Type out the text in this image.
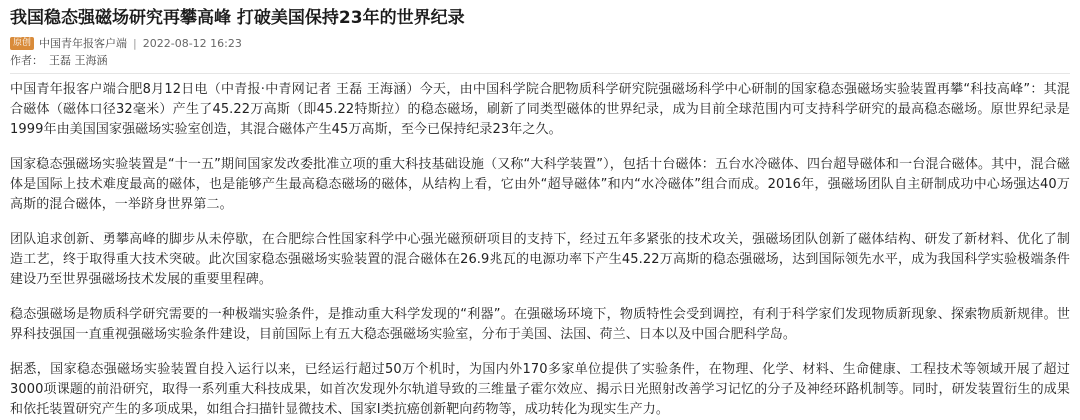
我国稳态强磁场研究再攀高峰 打破美国保持23年的世界纪录
原创 中国青年报客户端 | 2022-08-12 16:23
作者： 王磊 王海涵

中国青年报客户端合肥8月12日电（中青报·中青网记者 王磊 王海涵）今天，由中国科学院合肥物质科学研究院强磁场科学中心研制的国家稳态强磁场实验装置再攀“科技高峰”：其混合磁体（磁体口径32毫米）产生了45.22万高斯（即45.22特斯拉）的稳态磁场，刷新了同类型磁体的世界纪录，成为目前全球范围内可支持科学研究的最高稳态磁场。原世界纪录是1999年由美国国家强磁场实验室创造，其混合磁体产生45万高斯，至今已保持纪录23年之久。

国家稳态强磁场实验装置是“十一五”期间国家发改委批准立项的重大科技基础设施（又称“大科学装置”），包括十台磁体：五台水冷磁体、四台超导磁体和一台混合磁体。其中，混合磁体是国际上技术难度最高的磁体，也是能够产生最高稳态磁场的磁体，从结构上看，它由外“超导磁体”和内“水冷磁体”组合而成。2016年，强磁场团队自主研制成功中心场强达40万高斯的混合磁体，一举跻身世界第二。

团队追求创新、勇攀高峰的脚步从未停歇，在合肥综合性国家科学中心强光磁预研项目的支持下，经过五年多紧张的技术攻关，强磁场团队创新了磁体结构、研发了新材料、优化了制造工艺，终于取得重大技术突破。此次国家稳态强磁场实验装置的混合磁体在26.9兆瓦的电源功率下产生45.22万高斯的稳态强磁场，达到国际领先水平，成为我国科学实验极端条件建设乃至世界强磁场技术发展的重要里程碑。

稳态强磁场是物质科学研究需要的一种极端实验条件，是推动重大科学发现的“利器”。在强磁场环境下，物质特性会受到调控，有利于科学家们发现物质新现象、探索物质新规律。世界科技强国一直重视强磁场实验条件建设，目前国际上有五大稳态强磁场实验室，分布于美国、法国、荷兰、日本以及中国合肥科学岛。

据悉，国家稳态强磁场实验装置自投入运行以来，已经运行超过50万个机时，为国内外170多家单位提供了实验条件，在物理、化学、材料、生命健康、工程技术等领域开展了超过3000项课题的前沿研究，取得一系列重大科技成果，如首次发现外尔轨道导致的三维量子霍尔效应、揭示日光照射改善学习记忆的分子及神经环路机制等。同时，研发装置衍生的成果和依托装置研究产生的多项成果，如组合扫描针显微技术、国家Ⅰ类抗癌创新靶向药物等，成功转化为现实生产力。
